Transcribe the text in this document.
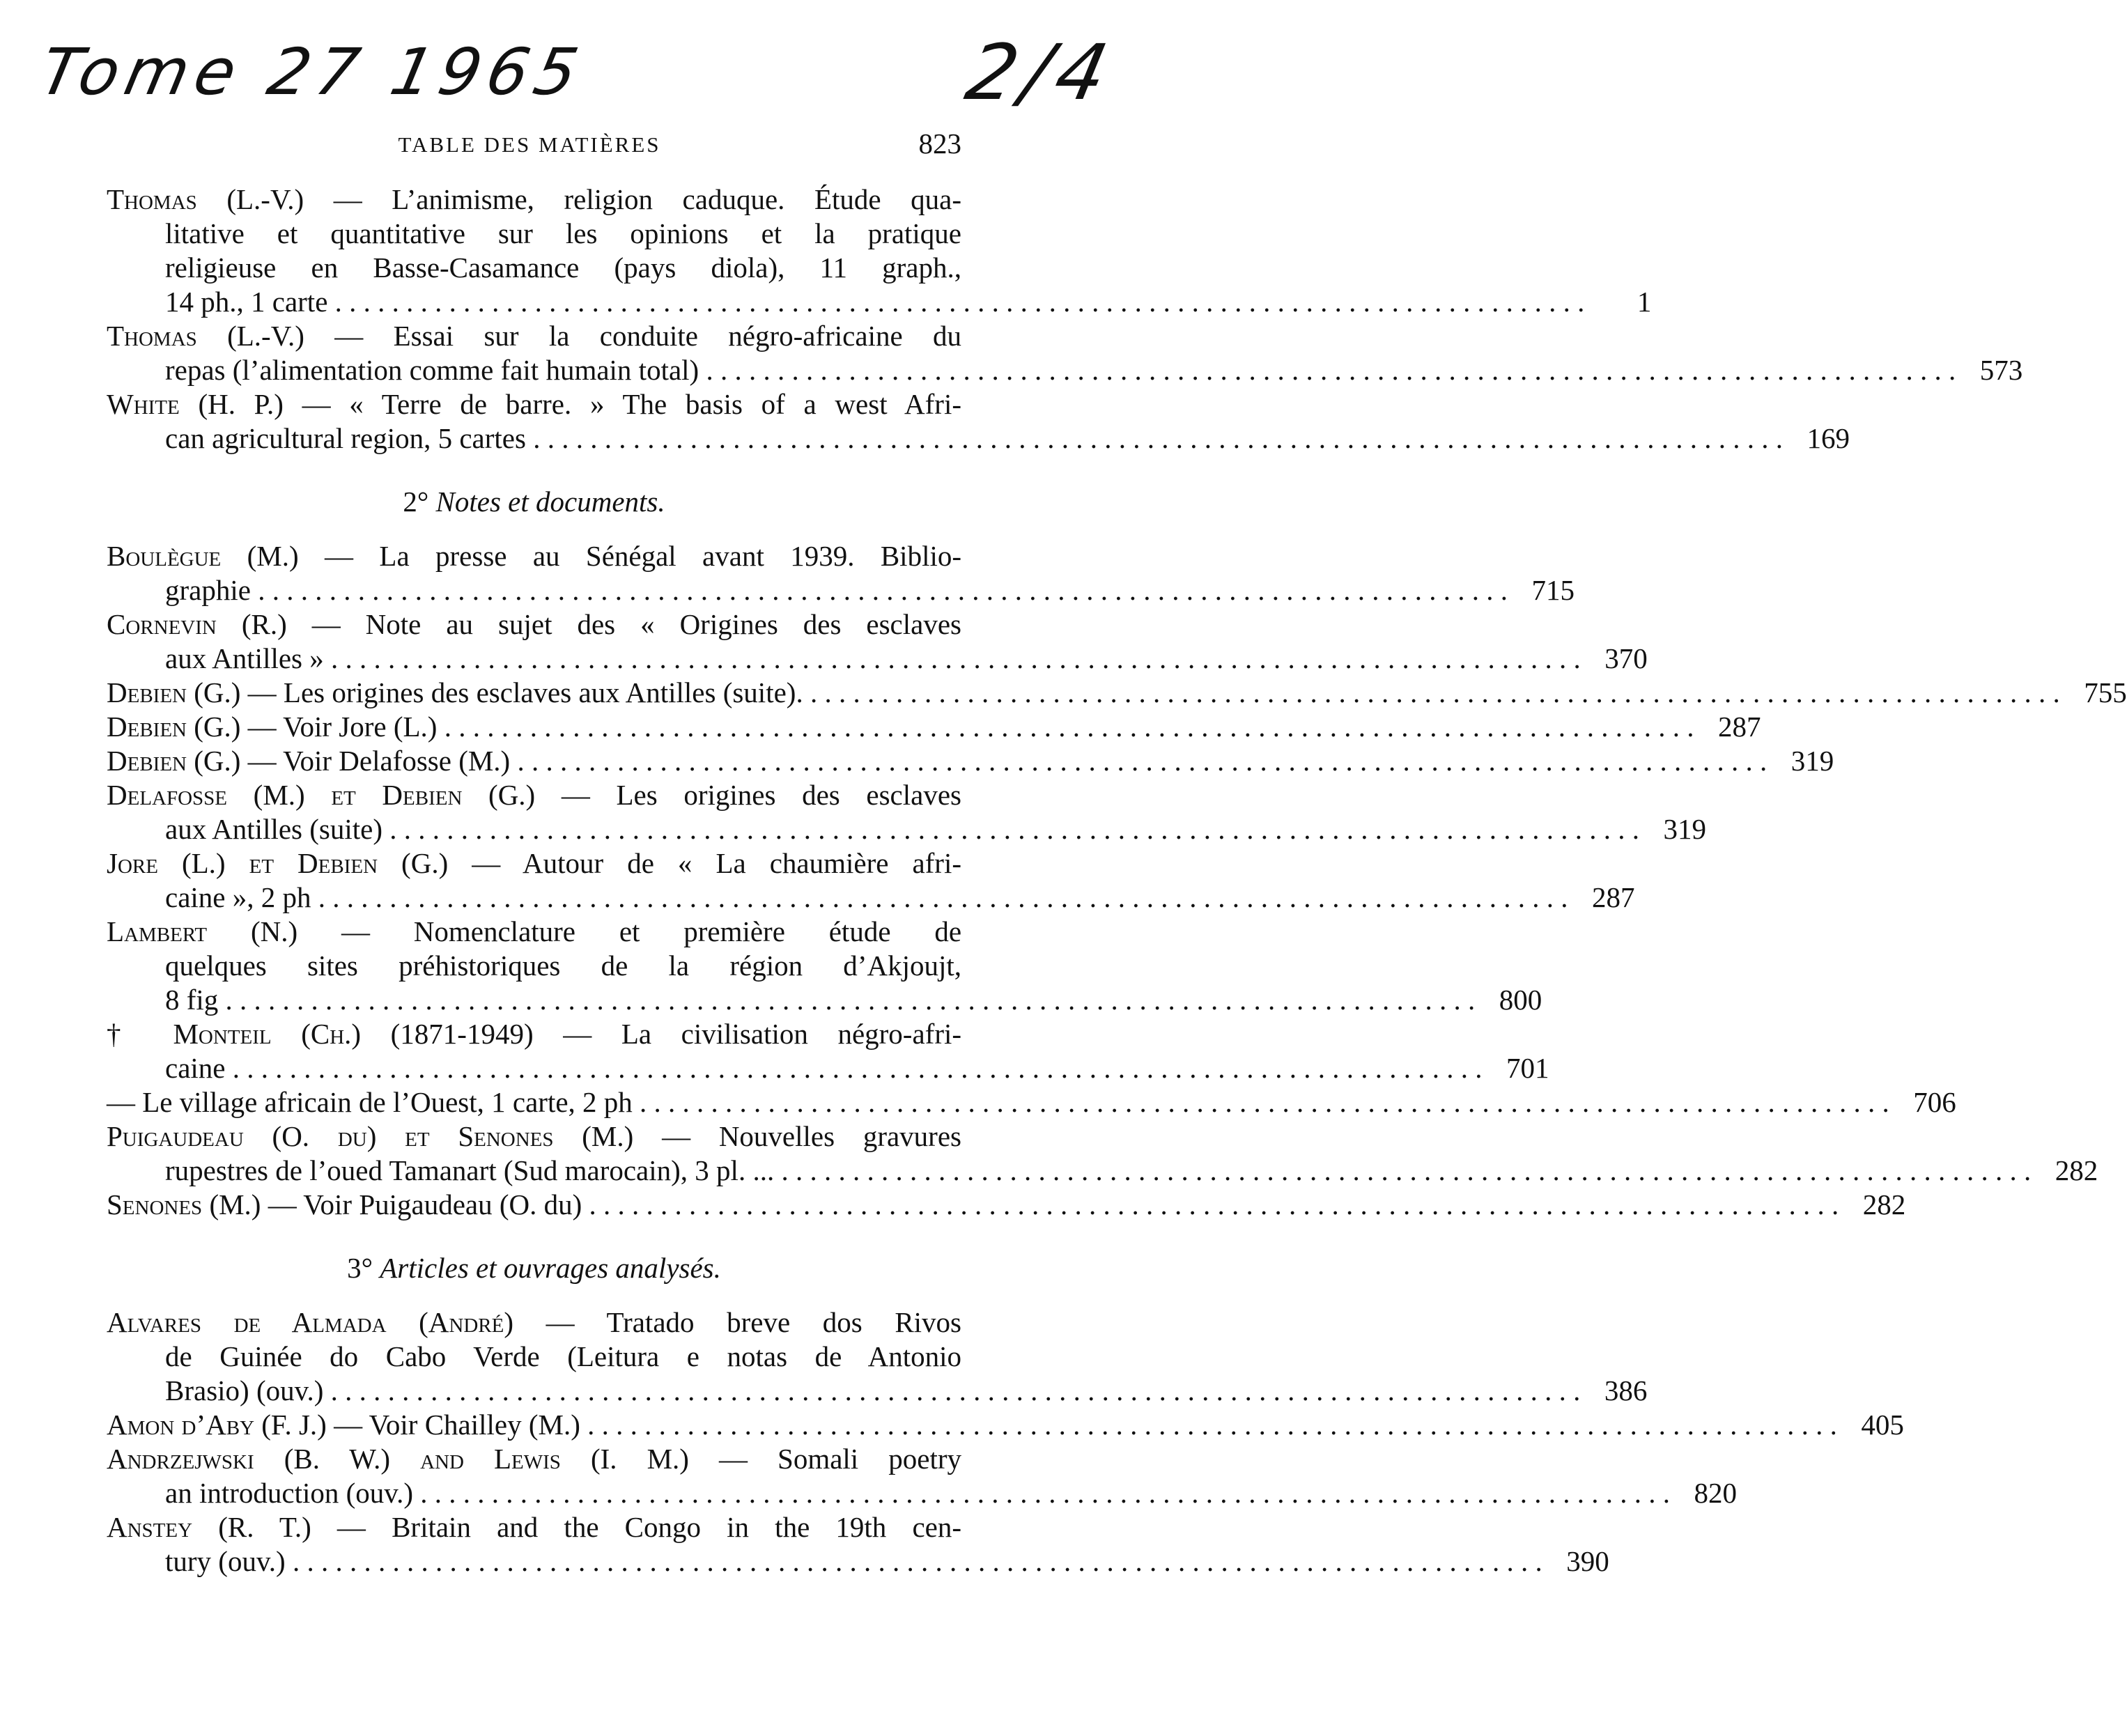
Tome 27 1965	2/4
TABLE DES MATIÈRES	823
Thomas (L.-V.) — L’animisme, religion caduque. Étude qua-
litative et quantitative sur les opinions et la pratique
religieuse en Basse-Casamance (pays diola), 11 graph.,
14 ph., 1 carte . . .	1
Thomas (L.-V.) — Essai sur la conduite négro-africaine du
repas (l’alimentation comme fait humain total) . . .	573
White (H. P.) — « Terre de barre. » The basis of a west Afri-
can agricultural region, 5 cartes . . .	169
2° Notes et documents.
Boulègue (M.) — La presse au Sénégal avant 1939. Biblio-
graphie . . .	715
Cornevin (R.) — Note au sujet des « Origines des esclaves
aux Antilles » . . .	370
Debien (G.) — Les origines des esclaves aux Antilles (suite). . . .	755
Debien (G.) — Voir Jore (L.) . . .	287
Debien (G.) — Voir Delafosse (M.) . . .	319
Delafosse (M.) et Debien (G.) — Les origines des esclaves
aux Antilles (suite) . . .	319
Jore (L.) et Debien (G.) — Autour de « La chaumière afri-
caine », 2 ph . . .	287
Lambert (N.) — Nomenclature et première étude de
quelques sites préhistoriques de la région d’Akjoujt,
8 fig . . .	800
† Monteil (Ch.) (1871-1949) — La civilisation négro-afri-
caine . . .	701
— Le village africain de l’Ouest, 1 carte, 2 ph . . .	706
Puigaudeau (O. du) et Senones (M.) — Nouvelles gravures
rupestres de l’oued Tamanart (Sud marocain), 3 pl. ... . . .	282
Senones (M.) — Voir Puigaudeau (O. du) . . .	282
3° Articles et ouvrages analysés.
Alvares de Almada (André) — Tratado breve dos Rivos
de Guinée do Cabo Verde (Leitura e notas de Antonio
Brasio) (ouv.) . . .	386
Amon d’Aby (F. J.) — Voir Chailley (M.) . . .	405
Andrzejwski (B. W.) and Lewis (I. M.) — Somali poetry
an introduction (ouv.) . . .	820
Anstey (R. T.) — Britain and the Congo in the 19th cen-
tury (ouv.) . . .	390
